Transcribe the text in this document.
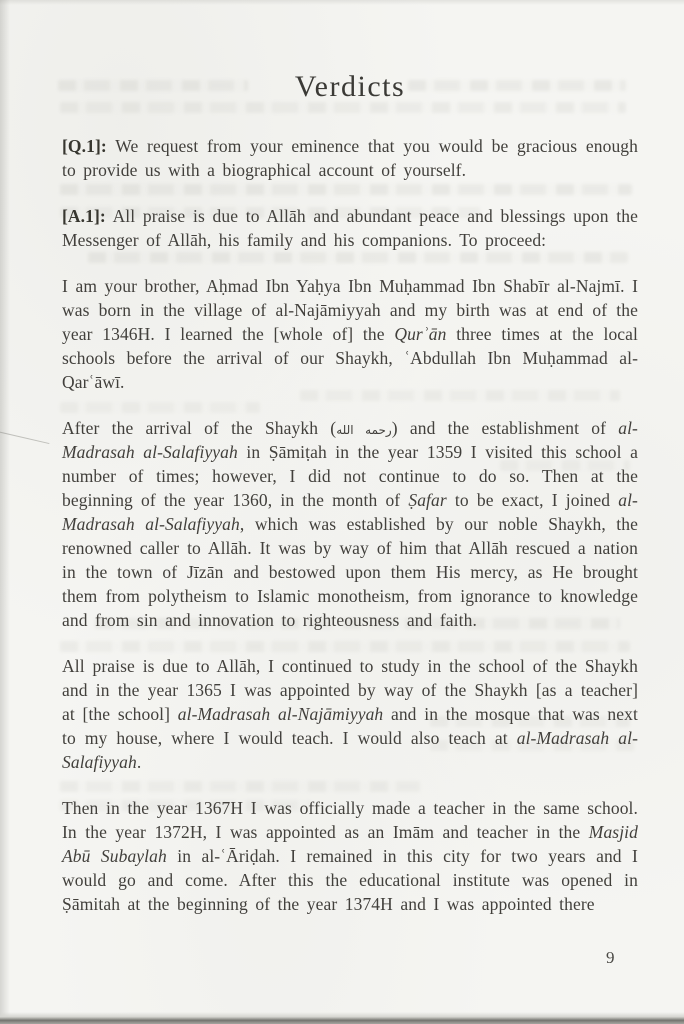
Verdicts

[Q.1]: We request from your eminence that you would be gracious enough to provide us with a biographical account of yourself.

[A.1]: All praise is due to Allāh and abundant peace and blessings upon the Messenger of Allāh, his family and his companions. To proceed:

I am your brother, Aḥmad Ibn Yaḥya Ibn Muḥammad Ibn Shabīr al-Najmī. I was born in the village of al-Najāmiyyah and my birth was at end of the year 1346H. I learned the [whole of] the Qurʾān three times at the local schools before the arrival of our Shaykh, ʿAbdullah Ibn Muḥammad al-Qarʿāwī.

After the arrival of the Shaykh (رحمه الله) and the establishment of al-Madrasah al-Salafiyyah in Ṣāmiṭah in the year 1359 I visited this school a number of times; however, I did not continue to do so. Then at the beginning of the year 1360, in the month of Ṣafar to be exact, I joined al-Madrasah al-Salafiyyah, which was established by our noble Shaykh, the renowned caller to Allāh. It was by way of him that Allāh rescued a nation in the town of Jīzān and bestowed upon them His mercy, as He brought them from polytheism to Islamic monotheism, from ignorance to knowledge and from sin and innovation to righteousness and faith.

All praise is due to Allāh, I continued to study in the school of the Shaykh and in the year 1365 I was appointed by way of the Shaykh [as a teacher] at [the school] al-Madrasah al-Najāmiyyah and in the mosque that was next to my house, where I would teach. I would also teach at al-Madrasah al-Salafiyyah.

Then in the year 1367H I was officially made a teacher in the same school. In the year 1372H, I was appointed as an Imām and teacher in the Masjid Abū Subaylah in al-ʿĀriḍah. I remained in this city for two years and I would go and come. After this the educational institute was opened in Ṣāmitah at the beginning of the year 1374H and I was appointed there

9
